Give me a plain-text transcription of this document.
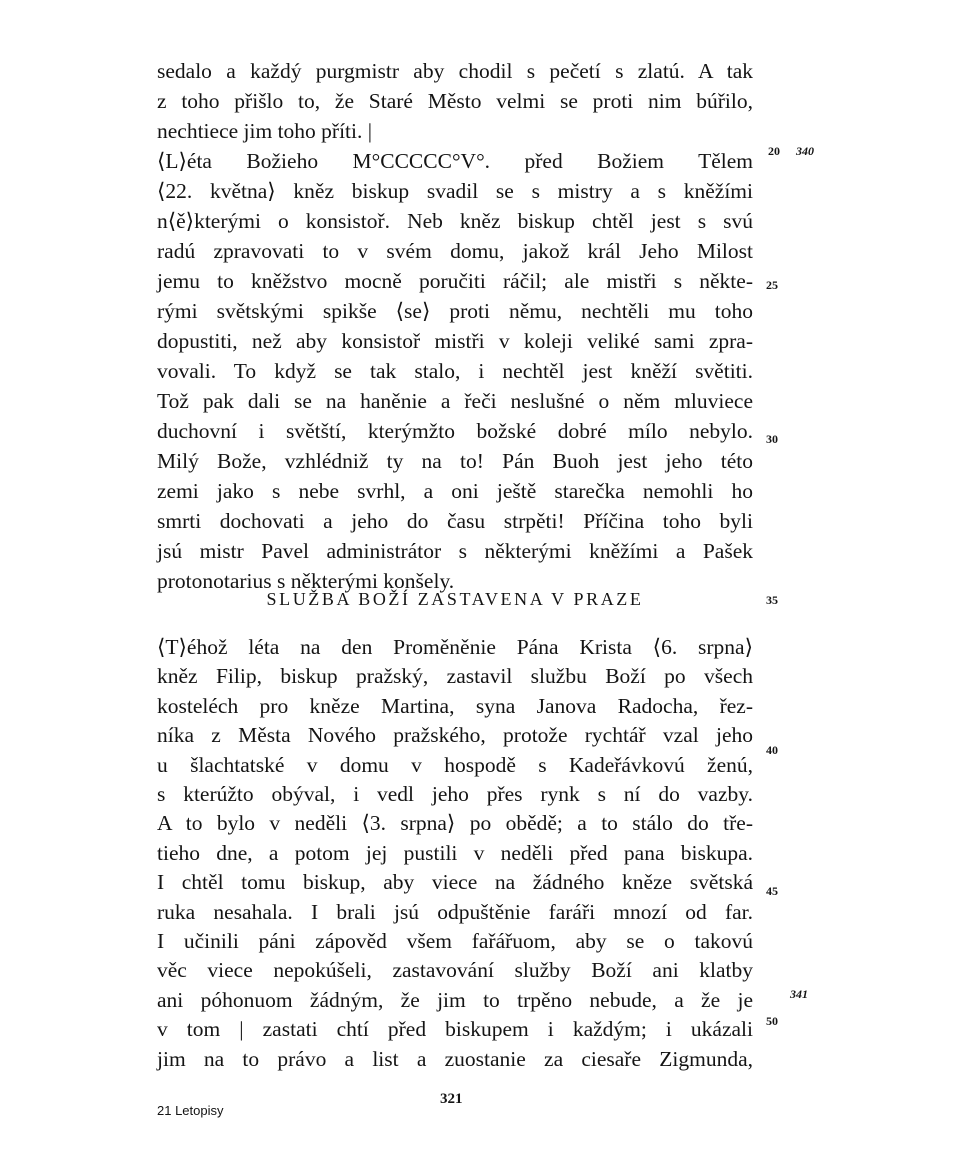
sedalo a každý purgmistr aby chodil s pečetí s zlatú. A tak
z toho přišlo to, že Staré Město velmi se proti nim búřilo,
nechtiece jim toho příti. |
⟨L⟩éta Božieho M°CCCCC°V°. před Božiem Tělem
⟨22. května⟩ kněz biskup svadil se s mistry a s kněžími
n⟨ě⟩kterými o konsistoř. Neb kněz biskup chtěl jest s svú
radú zpravovati to v svém domu, jakož král Jeho Milost
jemu to kněžstvo mocně poručiti ráčil; ale mistři s někte-
rými světskými spikše ⟨se⟩ proti němu, nechtěli mu toho
dopustiti, než aby konsistoř mistři v koleji veliké sami zpra-
vovali. To když se tak stalo, i nechtěl jest kněží světiti.
Tož pak dali se na haněnie a řeči neslušné o něm mluviece
duchovní i světští, kterýmžto božské dobré mílo nebylo.
Milý Bože, vzhlédniž ty na to! Pán Buoh jest jeho této
zemi jako s nebe svrhl, a oni ještě starečka nemohli ho
smrti dochovati a jeho do času strpěti! Příčina toho byli
jsú mistr Pavel administrátor s některými kněžími a Pašek
protonotarius s některými konšely.
SLUŽBA BOŽÍ ZASTAVENA V PRAZE
⟨T⟩éhož léta na den Proměněnie Pána Krista ⟨6. srpna⟩
kněz Filip, biskup pražský, zastavil službu Boží po všech
kosteléch pro kněze Martina, syna Janova Radocha, řez-
níka z Města Nového pražského, protože rychtář vzal jeho
u šlachtatské v domu v hospodě s Kadeřávkovú ženú,
s kterúžto obýval, i vedl jeho přes rynk s ní do vazby.
A to bylo v neděli ⟨3. srpna⟩ po obědě; a to stálo do tře-
tieho dne, a potom jej pustili v neděli před pana biskupa.
I chtěl tomu biskup, aby viece na žádného kněze světská
ruka nesahala. I brali jsú odpuštěnie faráři mnozí od far.
I učinili páni zápověd všem fařářuom, aby se o takovú
věc viece nepokúšeli, zastavování služby Boží ani klatby
ani póhonuom žádným, že jim to trpěno nebude, a že je
v tom | zastati chtí před biskupem i každým; i ukázali
jim na to právo a list a zuostanie za ciesaře Zigmunda,
20 340
25
30
35
40
45
341
50
21 Letopisy
321
